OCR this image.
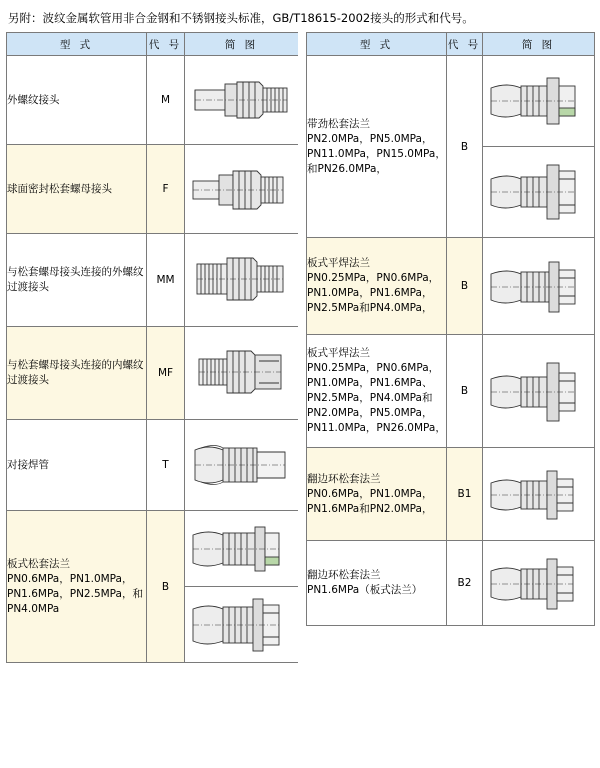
另附：波纹金属软管用非合金钢和不锈钢接头标准，GB/T18615-2002接头的形式和代号。
型 式	代 号	简 图
外螺纹接头	M	

球面密封松套螺母接头	F	

与松套螺母接头连接的外螺纹过渡接头	MM	

与松套螺母接头连接的内螺纹过渡接头	MF	

对接焊管	T	

板式松套法兰
PN0.6MPa，PN1.0MPa，PN1.6MPa，PN2.5MPa，和PN4.0MPa	B	

型 式	代 号	简 图
带劲松套法兰
PN2.0MPa，PN5.0MPa，PN11.0MPa，PN15.0MPa，和PN26.0MPa，	B	

板式平焊法兰
PN0.25MPa，PN0.6MPa，PN1.0MPa，PN1.6MPa，PN2.5MPa和PN4.0MPa，	B	

板式平焊法兰
PN0.25MPa，PN0.6MPa，PN1.0MPa，PN1.6MPa、PN2.5MPa，PN4.0MPa和PN2.0MPa，PN5.0MPa，PN11.0MPa，PN26.0MPa，	B	

翻边环松套法兰
PN0.6MPa，PN1.0MPa，PN1.6MPa和PN2.0MPa，	B1	

翻边环松套法兰
PN1.6MPa（板式法兰）	B2	
